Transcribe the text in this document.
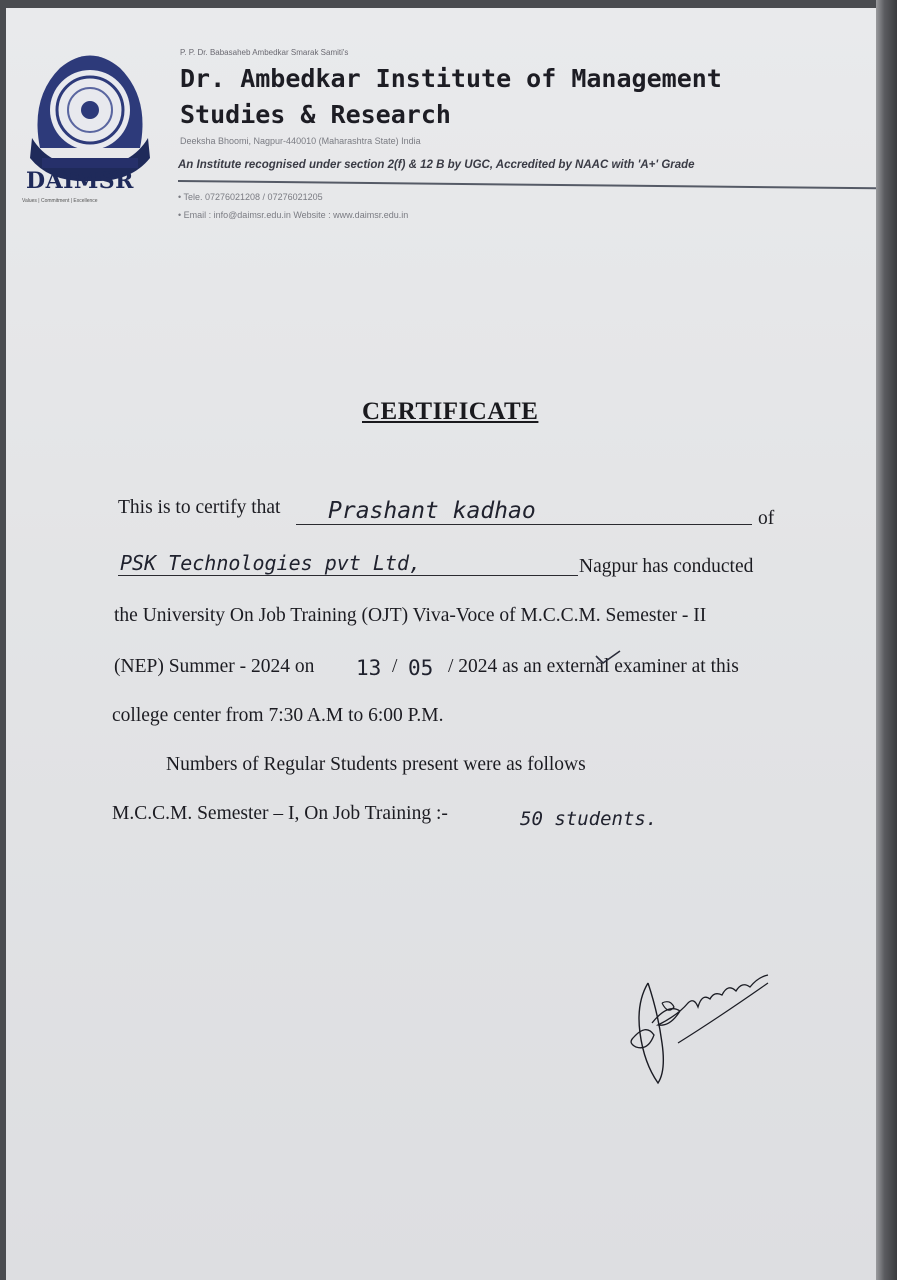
DAIMSR
Values | Commitment | Excellence
P. P. Dr. Babasaheb Ambedkar Smarak Samiti's
Dr. Ambedkar Institute of Management
Studies & Research
Deeksha Bhoomi, Nagpur-440010 (Maharashtra State) India
An Institute recognised under section 2(f) & 12 B by UGC, Accredited by NAAC with 'A+' Grade
• Tele. 07276021208 / 07276021205
• Email : info@daimsr.edu.in Website : www.daimsr.edu.in
CERTIFICATE
This is to certify that Prashant kadhao	of
PSK Technologies pvt Ltd,	Nagpur has conducted
the University On Job Training (OJT) Viva-Voce of M.C.C.M. Semester - II
(NEP) Summer - 2024 on 13 / 05 / 2024 as an external examiner at this
college center from 7:30 A.M to 6:00 P.M.
Numbers of Regular Students present were as follows
M.C.C.M. Semester – I, On Job Training :-	50 students.
